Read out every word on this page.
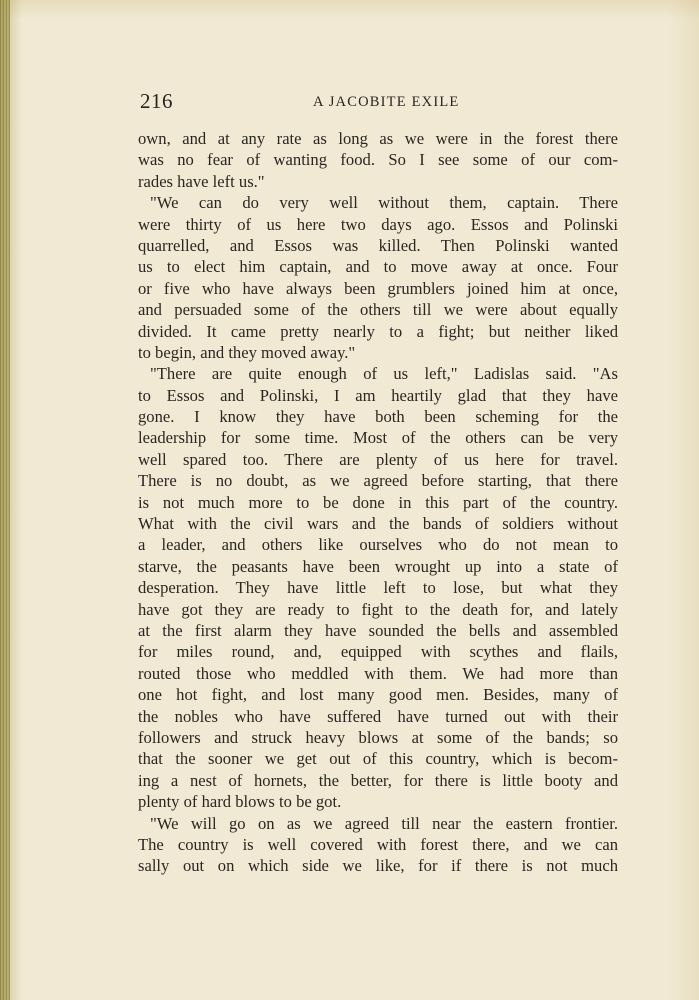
216	A JACOBITE EXILE
own, and at any rate as long as we were in the forest there
was no fear of wanting food. So I see some of our com-
rades have left us."
"We can do very well without them, captain. There
were thirty of us here two days ago. Essos and Polinski
quarrelled, and Essos was killed. Then Polinski wanted
us to elect him captain, and to move away at once. Four
or five who have always been grumblers joined him at once,
and persuaded some of the others till we were about equally
divided. It came pretty nearly to a fight; but neither liked
to begin, and they moved away."
"There are quite enough of us left," Ladislas said. "As
to Essos and Polinski, I am heartily glad that they have
gone. I know they have both been scheming for the
leadership for some time. Most of the others can be very
well spared too. There are plenty of us here for travel.
There is no doubt, as we agreed before starting, that there
is not much more to be done in this part of the country.
What with the civil wars and the bands of soldiers without
a leader, and others like ourselves who do not mean to
starve, the peasants have been wrought up into a state of
desperation. They have little left to lose, but what they
have got they are ready to fight to the death for, and lately
at the first alarm they have sounded the bells and assembled
for miles round, and, equipped with scythes and flails,
routed those who meddled with them. We had more than
one hot fight, and lost many good men. Besides, many of
the nobles who have suffered have turned out with their
followers and struck heavy blows at some of the bands; so
that the sooner we get out of this country, which is becom-
ing a nest of hornets, the better, for there is little booty and
plenty of hard blows to be got.
"We will go on as we agreed till near the eastern frontier.
The country is well covered with forest there, and we can
sally out on which side we like, for if there is not much
